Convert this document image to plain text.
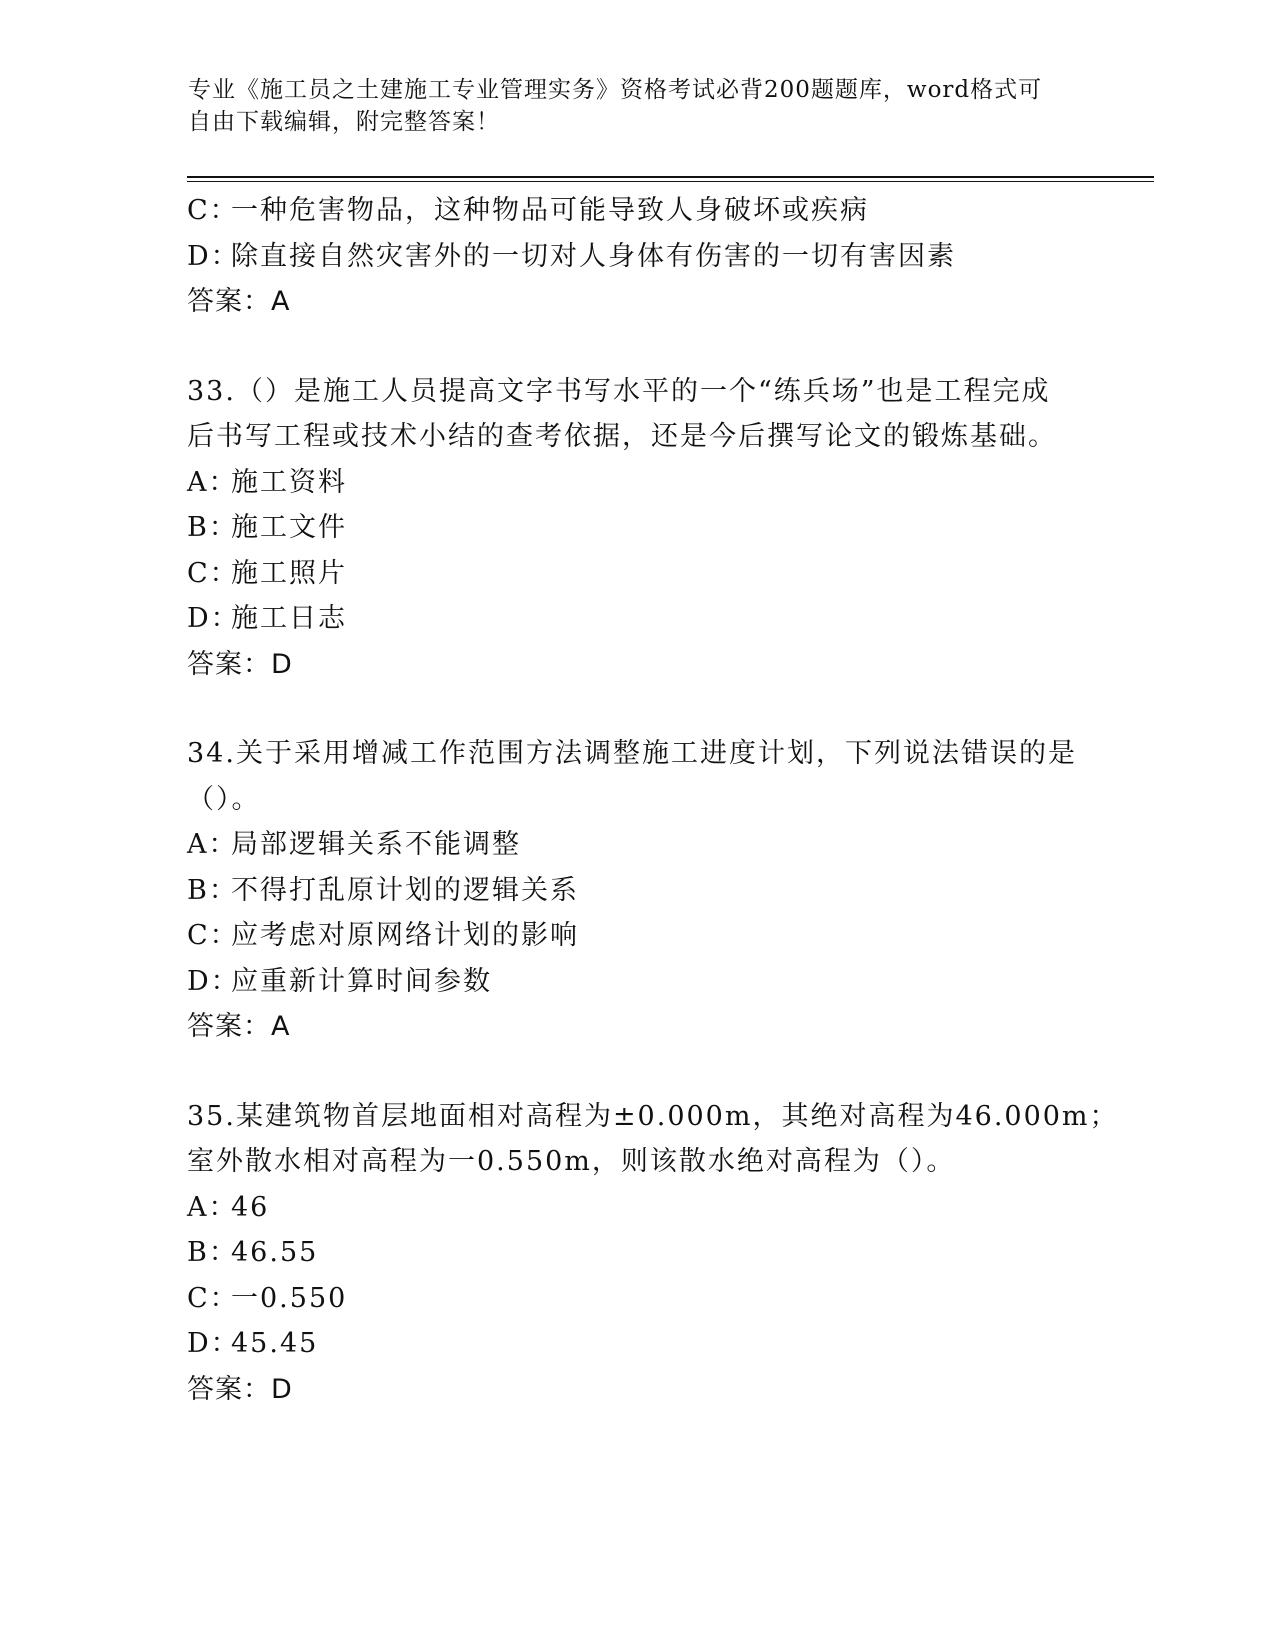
专业《施工员之土建施工专业管理实务》资格考试必背200题题库，word格式可
自由下载编辑，附完整答案！
C：一种危害物品，这种物品可能导致人身破坏或疾病
D：除直接自然灾害外的一切对人身体有伤害的一切有害因素
答案：A
33.（）是施工人员提高文字书写水平的一个“练兵场”也是工程完成
后书写工程或技术小结的查考依据，还是今后撰写论文的锻炼基础。
A：施工资料
B：施工文件
C：施工照片
D：施工日志
答案：D
34.关于采用增减工作范围方法调整施工进度计划，下列说法错误的是
（）。
A：局部逻辑关系不能调整
B：不得打乱原计划的逻辑关系
C：应考虑对原网络计划的影响
D：应重新计算时间参数
答案：A
35.某建筑物首层地面相对高程为±0.000m，其绝对高程为46.000m；
室外散水相对高程为一0.550m，则该散水绝对高程为（）。
A：46
B：46.55
C：一0.550
D：45.45
答案：D
